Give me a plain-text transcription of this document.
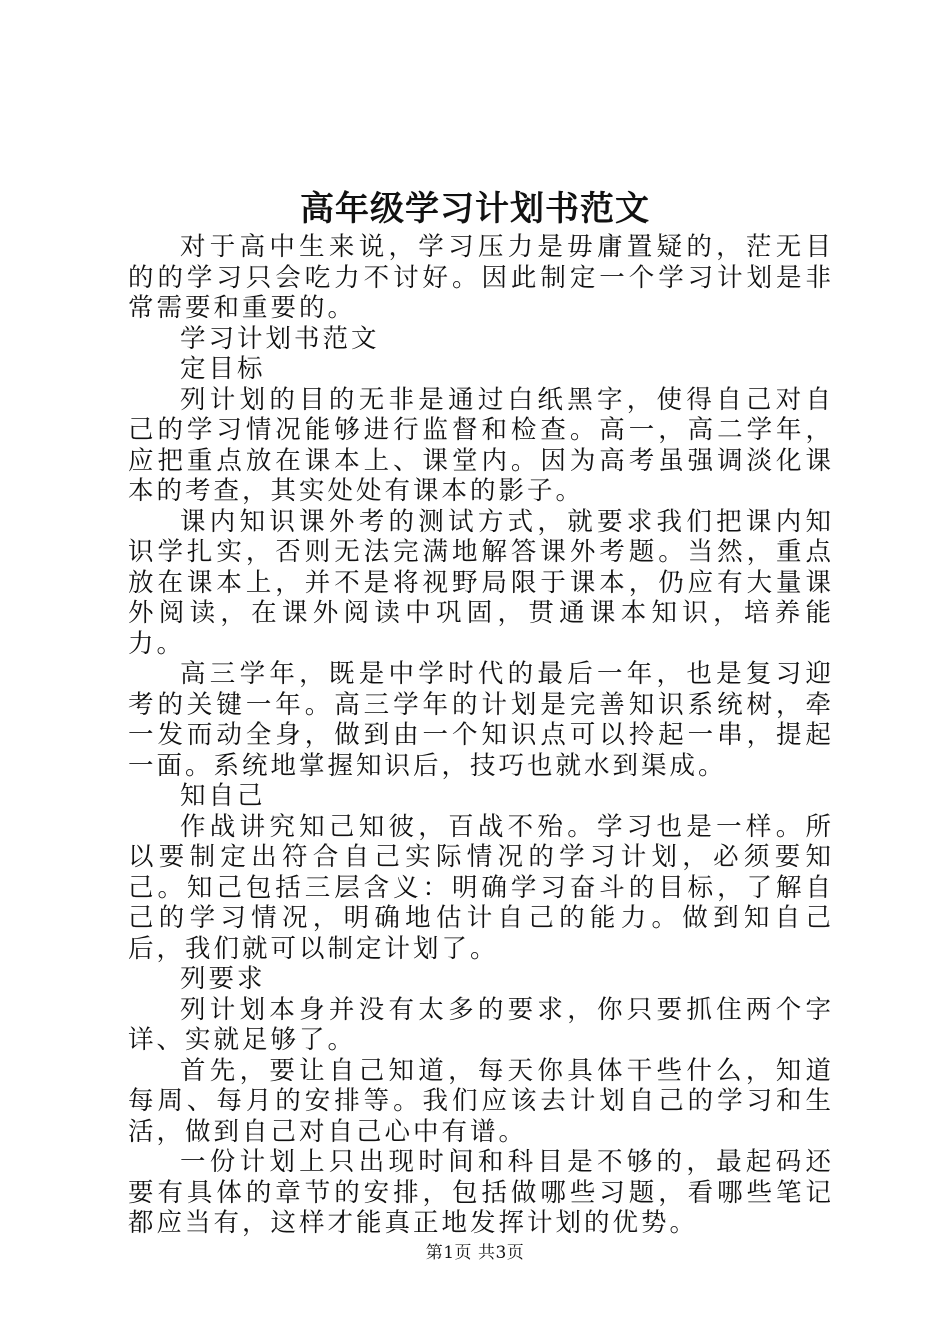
高年级学习计划书范文

对于高中生来说，学习压力是毋庸置疑的，茫无目的的学习只会吃力不讨好。因此制定一个学习计划是非常需要和重要的。

学习计划书范文

定目标

列计划的目的无非是通过白纸黑字，使得自己对自己的学习情况能够进行监督和检查。高一，高二学年，应把重点放在课本上、课堂内。因为高考虽强调淡化课本的考查，其实处处有课本的影子。

课内知识课外考的测试方式，就要求我们把课内知识学扎实，否则无法完满地解答课外考题。当然，重点放在课本上，并不是将视野局限于课本，仍应有大量课外阅读，在课外阅读中巩固，贯通课本知识，培养能力。

高三学年，既是中学时代的最后一年，也是复习迎考的关键一年。高三学年的计划是完善知识系统树，牵一发而动全身，做到由一个知识点可以拎起一串，提起一面。系统地掌握知识后，技巧也就水到渠成。

知自己

作战讲究知己知彼，百战不殆。学习也是一样。所以要制定出符合自己实际情况的学习计划，必须要知己。知己包括三层含义：明确学习奋斗的目标，了解自己的学习情况，明确地估计自己的能力。做到知自己后，我们就可以制定计划了。

列要求

列计划本身并没有太多的要求，你只要抓住两个字详、实就足够了。

首先，要让自己知道，每天你具体干些什么，知道每周、每月的安排等。我们应该去计划自己的学习和生活，做到自己对自己心中有谱。

一份计划上只出现时间和科目是不够的，最起码还要有具体的章节的安排，包括做哪些习题，看哪些笔记都应当有，这样才能真正地发挥计划的优势。

第1页 共3页
